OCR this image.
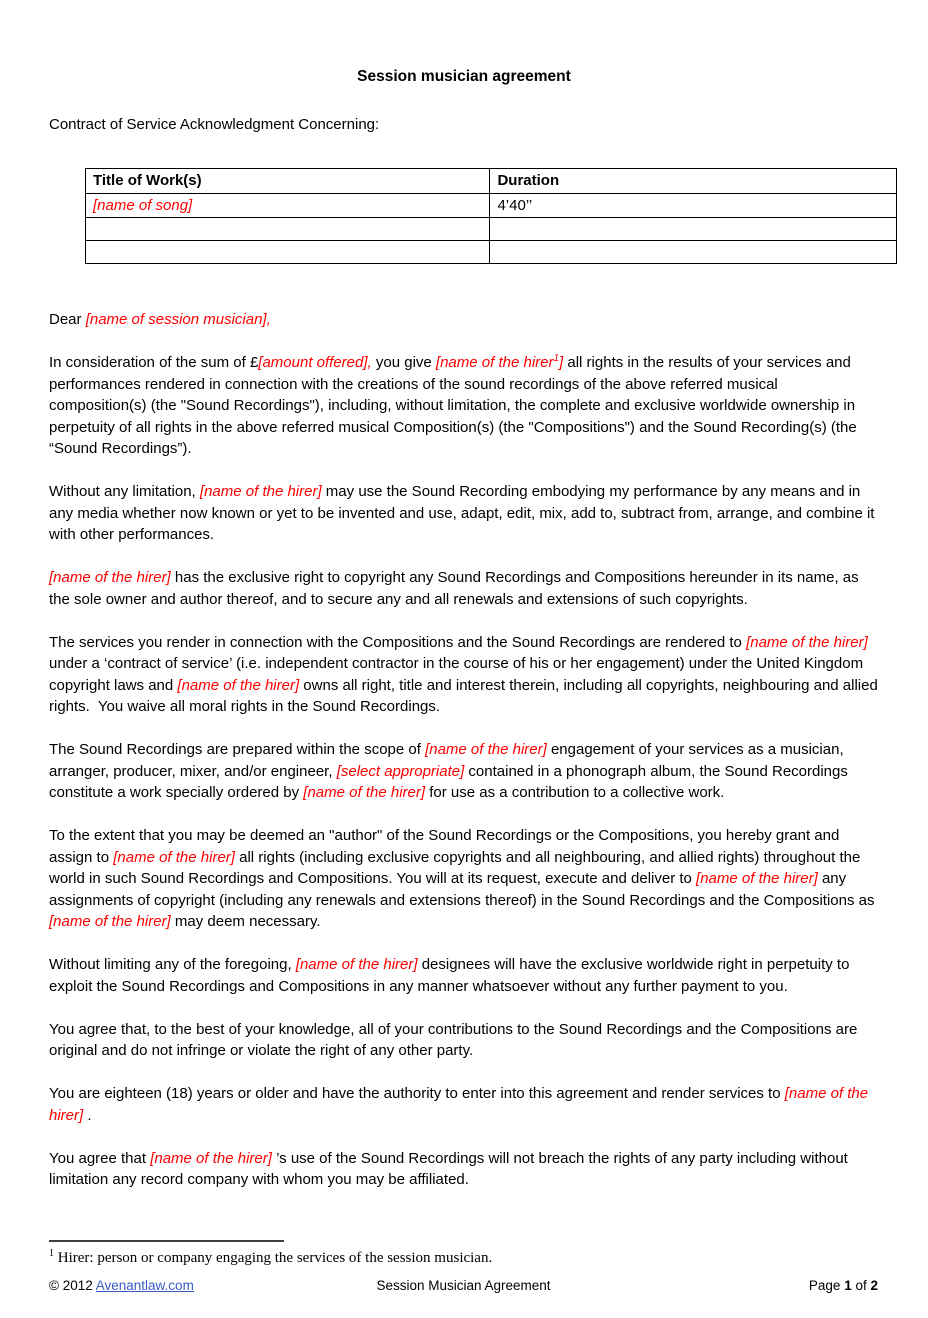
Session musician agreement

Contract of Service Acknowledgment Concerning:

Title of Work(s)	Duration
[name of song]	4’40’’

Dear [name of session musician],

In consideration of the sum of £[amount offered], you give [name of the hirer$^1$] all rights in the results of your services and performances rendered in connection with the creations of the sound recordings of the above referred musical composition(s) (the "Sound Recordings"), including, without limitation, the complete and exclusive worldwide ownership in perpetuity of all rights in the above referred musical Composition(s) (the "Compositions") and the Sound Recording(s) (the “Sound Recordings”).

Without any limitation, [name of the hirer] may use the Sound Recording embodying my performance by any means and in any media whether now known or yet to be invented and use, adapt, edit, mix, add to, subtract from, arrange, and combine it with other performances.

[name of the hirer] has the exclusive right to copyright any Sound Recordings and Compositions hereunder in its name, as the sole owner and author thereof, and to secure any and all renewals and extensions of such copyrights.

The services you render in connection with the Compositions and the Sound Recordings are rendered to [name of the hirer] under a ‘contract of service’ (i.e. independent contractor in the course of his or her engagement) under the United Kingdom copyright laws and [name of the hirer] owns all right, title and interest therein, including all copyrights, neighbouring and allied rights.  You waive all moral rights in the Sound Recordings.

The Sound Recordings are prepared within the scope of [name of the hirer] engagement of your services as a musician, arranger, producer, mixer, and/or engineer, [select appropriate] contained in a phonograph album, the Sound Recordings constitute a work specially ordered by [name of the hirer] for use as a contribution to a collective work.

To the extent that you may be deemed an "author" of the Sound Recordings or the Compositions, you hereby grant and assign to [name of the hirer] all rights (including exclusive copyrights and all neighbouring, and allied rights) throughout the world in such Sound Recordings and Compositions. You will at its request, execute and deliver to [name of the hirer] any assignments of copyright (including any renewals and extensions thereof) in the Sound Recordings and the Compositions as [name of the hirer] may deem necessary.

Without limiting any of the foregoing, [name of the hirer] designees will have the exclusive worldwide right in perpetuity to exploit the Sound Recordings and Compositions in any manner whatsoever without any further payment to you.

You agree that, to the best of your knowledge, all of your contributions to the Sound Recordings and the Compositions are original and do not infringe or violate the right of any other party.

You are eighteen (18) years or older and have the authority to enter into this agreement and render services to [name of the hirer] .

You agree that [name of the hirer] ’s use of the Sound Recordings will not breach the rights of any party including without limitation any record company with whom you may be affiliated.

$^1$ Hirer: person or company engaging the services of the session musician.

© 2012 Avenantlaw.com	Session Musician Agreement	Page 1 of 2
